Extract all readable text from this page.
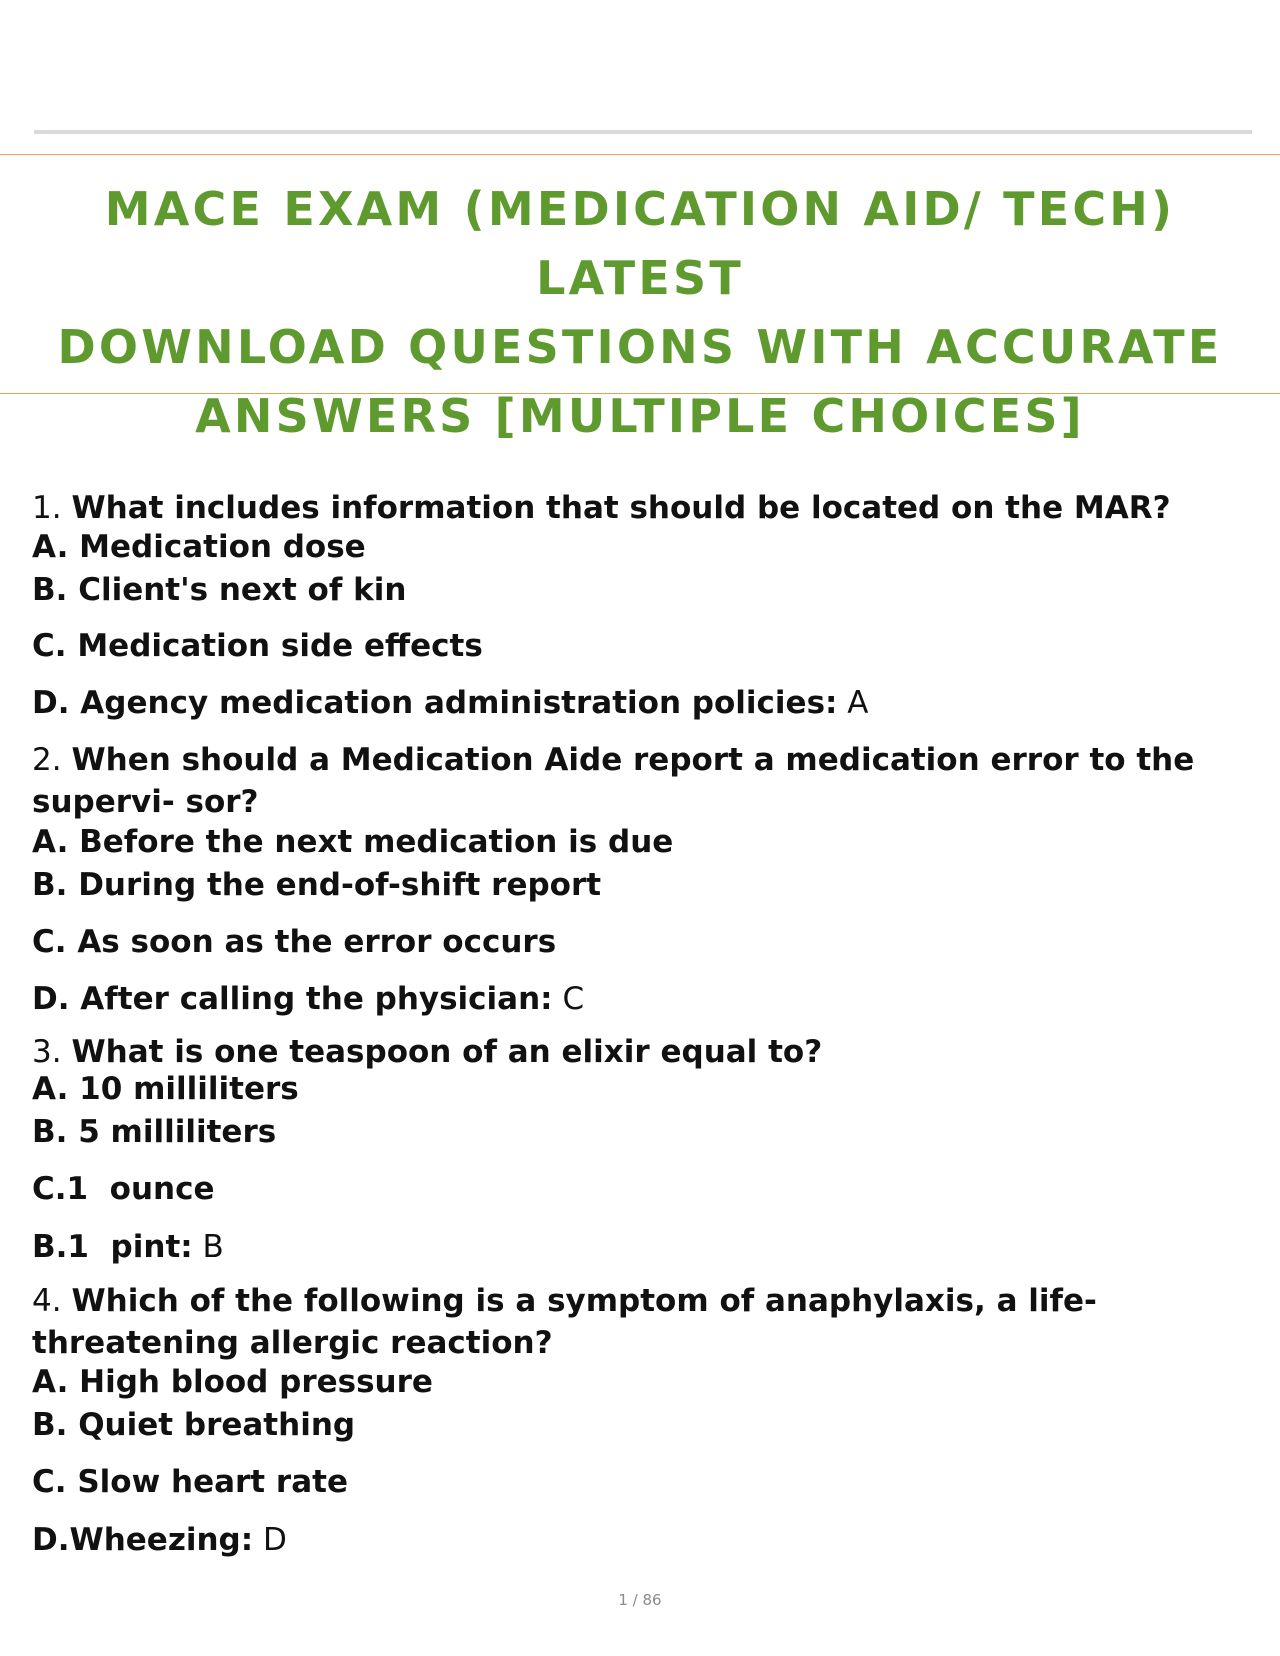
MACE EXAM (MEDICATION AID/ TECH) LATEST
DOWNLOAD QUESTIONS WITH ACCURATE
ANSWERS [MULTIPLE CHOICES]
1. What includes information that should be located on the MAR?
A. Medication dose
B. Client's next of kin
C. Medication side effects
D. Agency medication administration policies: A
2. When should a Medication Aide report a medication error to the
supervi- sor?
A. Before the next medication is due
B. During the end-of-shift report
C. As soon as the error occurs
D. After calling the physician: C
3. What is one teaspoon of an elixir equal to?
A. 10 milliliters
B. 5 milliliters
C.1  ounce
B.1  pint: B
4. Which of the following is a symptom of anaphylaxis, a life-
threatening allergic reaction?
A. High blood pressure
B. Quiet breathing
C. Slow heart rate
D.Wheezing: D
1 / 86
